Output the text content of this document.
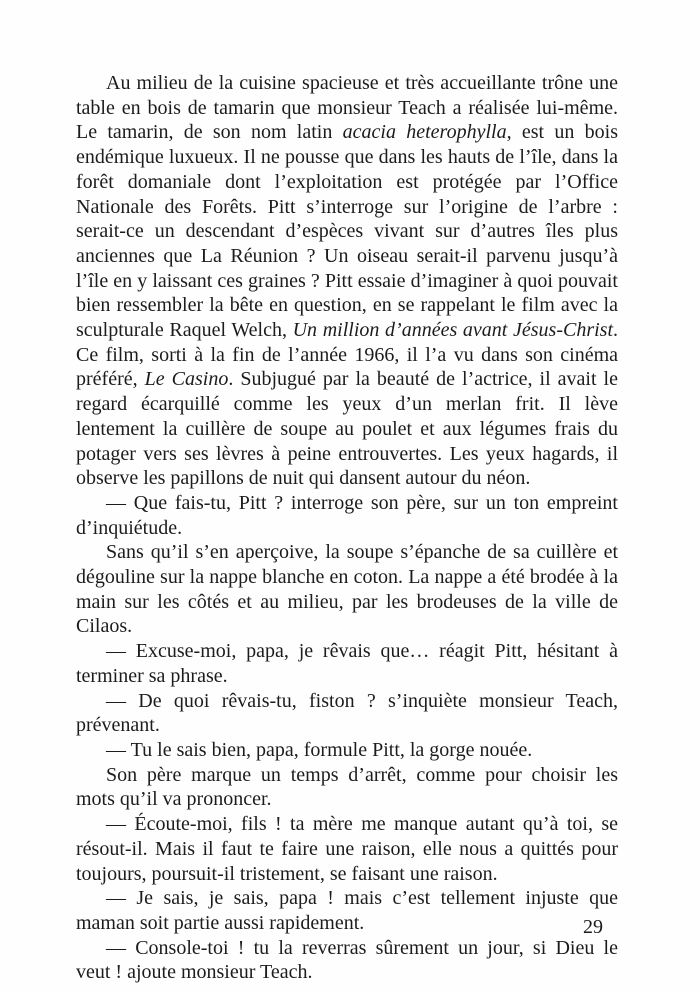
Au milieu de la cuisine spacieuse et très accueillante trône une table en bois de tamarin que monsieur Teach a réalisée lui-même. Le tamarin, de son nom latin acacia heterophylla, est un bois endémique luxueux. Il ne pousse que dans les hauts de l’île, dans la forêt domaniale dont l’exploitation est protégée par l’Office Nationale des Forêts. Pitt s’interroge sur l’origine de l’arbre : serait-ce un descendant d’espèces vivant sur d’autres îles plus anciennes que La Réunion ? Un oiseau serait-il parvenu jusqu’à l’île en y laissant ces graines ? Pitt essaie d’imaginer à quoi pouvait bien ressembler la bête en question, en se rappelant le film avec la sculpturale Raquel Welch, Un million d’années avant Jésus-Christ. Ce film, sorti à la fin de l’année 1966, il l’a vu dans son cinéma préféré, Le Casino. Subjugué par la beauté de l’actrice, il avait le regard écarquillé comme les yeux d’un merlan frit. Il lève lentement la cuillère de soupe au poulet et aux légumes frais du potager vers ses lèvres à peine entrouvertes. Les yeux hagards, il observe les papillons de nuit qui dansent autour du néon.

— Que fais-tu, Pitt ? interroge son père, sur un ton empreint d’inquiétude.

Sans qu’il s’en aperçoive, la soupe s’épanche de sa cuillère et dégouline sur la nappe blanche en coton. La nappe a été brodée à la main sur les côtés et au milieu, par les brodeuses de la ville de Cilaos.

— Excuse-moi, papa, je rêvais que… réagit Pitt, hésitant à terminer sa phrase.

— De quoi rêvais-tu, fiston ? s’inquiète monsieur Teach, prévenant.

— Tu le sais bien, papa, formule Pitt, la gorge nouée.

Son père marque un temps d’arrêt, comme pour choisir les mots qu’il va prononcer.

— Écoute-moi, fils ! ta mère me manque autant qu’à toi, se résout-il. Mais il faut te faire une raison, elle nous a quittés pour toujours, poursuit-il tristement, se faisant une raison.

— Je sais, je sais, papa ! mais c’est tellement injuste que maman soit partie aussi rapidement.

— Console-toi ! tu la reverras sûrement un jour, si Dieu le veut ! ajoute monsieur Teach.

29
